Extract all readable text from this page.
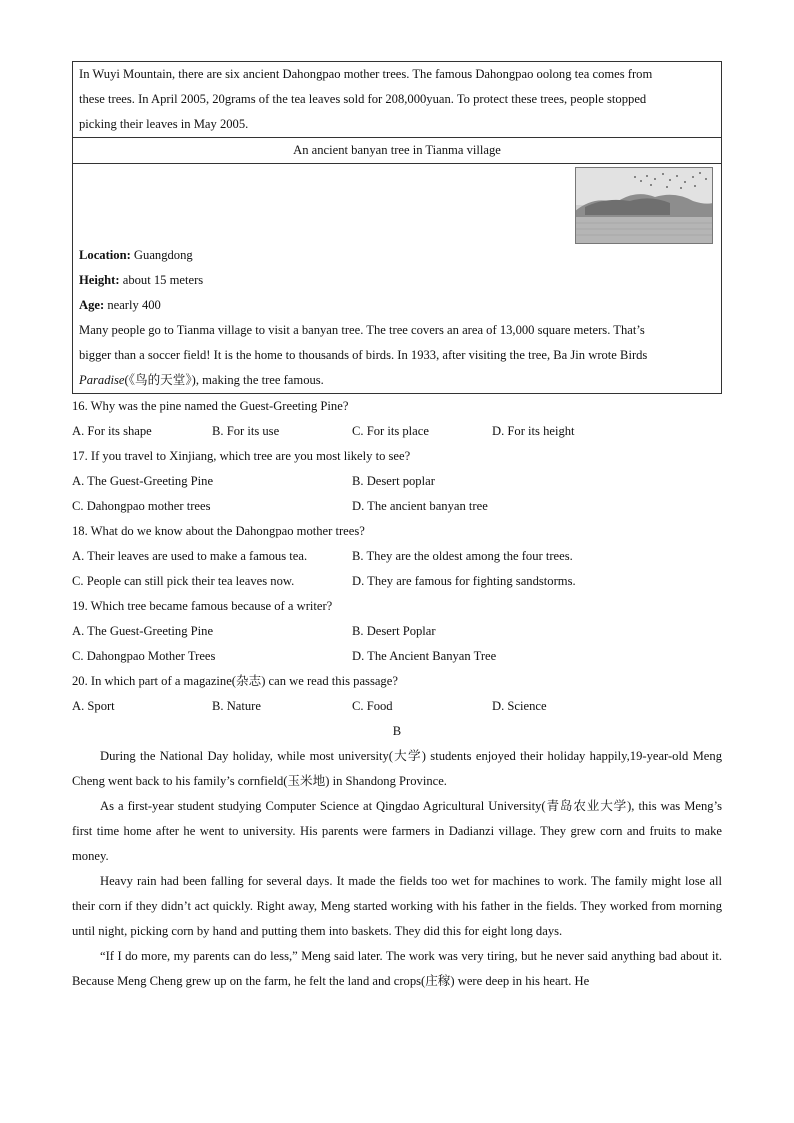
In Wuyi Mountain, there are six ancient Dahongpao mother trees. The famous Dahongpao oolong tea comes from
these trees. In April 2005, 20grams of the tea leaves sold for 208,000yuan. To protect these trees, people stopped
picking their leaves in May 2005.
An ancient banyan tree in Tianma village
Location: Guangdong
Height: about 15 meters
Age: nearly 400
Many people go to Tianma village to visit a banyan tree. The tree covers an area of 13,000 square meters. That’s
bigger than a soccer field! It is the home to thousands of birds. In 1933, after visiting the tree, Ba Jin wrote Birds
Paradise(《鸟的天堂》), making the tree famous.
16. Why was the pine named the Guest-Greeting Pine?
A. For its shape	B. For its use	C. For its place	D. For its height
17. If you travel to Xinjiang, which tree are you most likely to see?
A. The Guest-Greeting Pine	B. Desert poplar
C. Dahongpao mother trees	D. The ancient banyan tree
18. What do we know about the Dahongpao mother trees?
A. Their leaves are used to make a famous tea.	B. They are the oldest among the four trees.
C. People can still pick their tea leaves now.	D. They are famous for fighting sandstorms.
19. Which tree became famous because of a writer?
A. The Guest-Greeting Pine	B. Desert Poplar
C. Dahongpao Mother Trees	D. The Ancient Banyan Tree
20. In which part of a magazine(杂志) can we read this passage?
A. Sport	B. Nature	C. Food	D. Science
B
During the National Day holiday, while most university(大学) students enjoyed their holiday happily,19-year-old Meng Cheng went back to his family’s cornfield(玉米地) in Shandong Province.
As a first-year student studying Computer Science at Qingdao Agricultural University(青岛农业大学), this was Meng’s first time home after he went to university. His parents were farmers in Dadianzi village. They grew corn and fruits to make money.
Heavy rain had been falling for several days. It made the fields too wet for machines to work. The family might lose all their corn if they didn’t act quickly. Right away, Meng started working with his father in the fields. They worked from morning until night, picking corn by hand and putting them into baskets. They did this for eight long days.
“If I do more, my parents can do less,” Meng said later. The work was very tiring, but he never said anything bad about it. Because Meng Cheng grew up on the farm, he felt the land and crops(庄稼) were deep in his heart. He
